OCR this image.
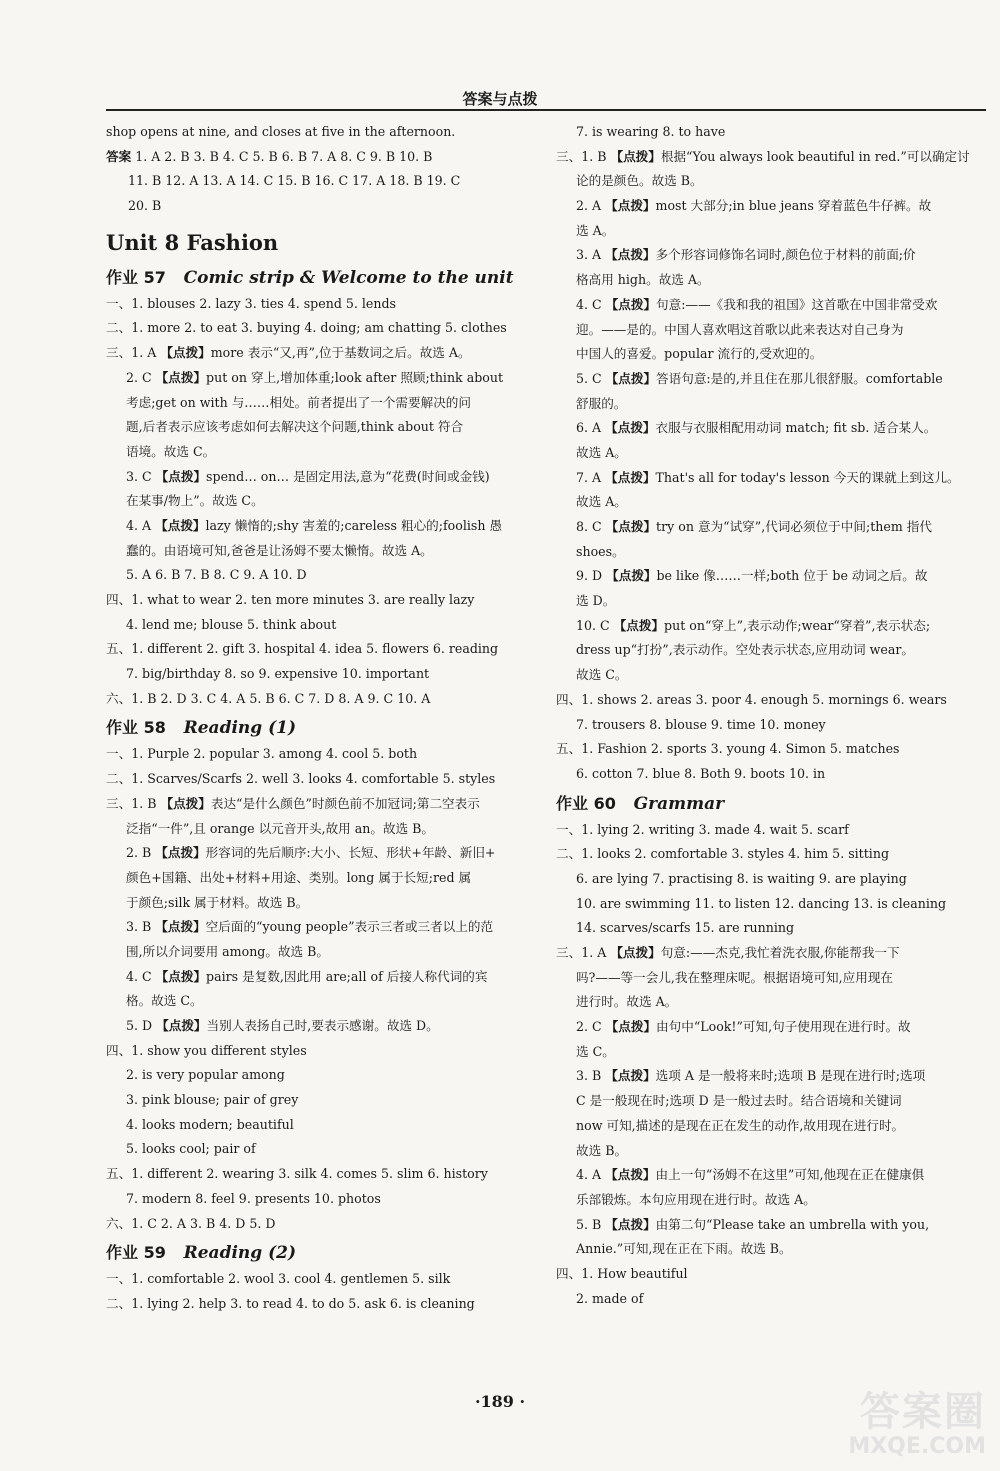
答案与点拨
shop opens at nine, and closes at five in the afternoon.
答案 1. A 2. B 3. B 4. C 5. B 6. B 7. A 8. C 9. B 10. B
11. B 12. A 13. A 14. C 15. B 16. C 17. A 18. B 19. C
20. B
Unit 8 Fashion
作业 57 Comic strip & Welcome to the unit
一、1. blouses 2. lazy 3. ties 4. spend 5. lends
二、1. more 2. to eat 3. buying 4. doing; am chatting 5. clothes
三、1. A 【点拨】more 表示“又,再”,位于基数词之后。故选 A。
2. C 【点拨】put on 穿上,增加体重;look after 照顾;think about
考虑;get on with 与……相处。前者提出了一个需要解决的问
题,后者表示应该考虑如何去解决这个问题,think about 符合
语境。故选 C。
3. C 【点拨】spend… on… 是固定用法,意为“花费(时间或金钱)
在某事/物上”。故选 C。
4. A 【点拨】lazy 懒惰的;shy 害羞的;careless 粗心的;foolish 愚
蠢的。由语境可知,爸爸是让汤姆不要太懒惰。故选 A。
5. A 6. B 7. B 8. C 9. A 10. D
四、1. what to wear 2. ten more minutes 3. are really lazy
4. lend me; blouse 5. think about
五、1. different 2. gift 3. hospital 4. idea 5. flowers 6. reading
7. big/birthday 8. so 9. expensive 10. important
六、1. B 2. D 3. C 4. A 5. B 6. C 7. D 8. A 9. C 10. A
作业 58 Reading (1)
一、1. Purple 2. popular 3. among 4. cool 5. both
二、1. Scarves/Scarfs 2. well 3. looks 4. comfortable 5. styles
三、1. B 【点拨】表达“是什么颜色”时颜色前不加冠词;第二空表示
泛指“一件”,且 orange 以元音开头,故用 an。故选 B。
2. B 【点拨】形容词的先后顺序:大小、长短、形状+年龄、新旧+
颜色+国籍、出处+材料+用途、类别。long 属于长短;red 属
于颜色;silk 属于材料。故选 B。
3. B 【点拨】空后面的“young people”表示三者或三者以上的范
围,所以介词要用 among。故选 B。
4. C 【点拨】pairs 是复数,因此用 are;all of 后接人称代词的宾
格。故选 C。
5. D 【点拨】当别人表扬自己时,要表示感谢。故选 D。
四、1. show you different styles
2. is very popular among
3. pink blouse; pair of grey
4. looks modern; beautiful
5. looks cool; pair of
五、1. different 2. wearing 3. silk 4. comes 5. slim 6. history
7. modern 8. feel 9. presents 10. photos
六、1. C 2. A 3. B 4. D 5. D
作业 59 Reading (2)
一、1. comfortable 2. wool 3. cool 4. gentlemen 5. silk
二、1. lying 2. help 3. to read 4. to do 5. ask 6. is cleaning
7. is wearing 8. to have
三、1. B 【点拨】根据“You always look beautiful in red.”可以确定讨
论的是颜色。故选 B。
2. A 【点拨】most 大部分;in blue jeans 穿着蓝色牛仔裤。故
选 A。
3. A 【点拨】多个形容词修饰名词时,颜色位于材料的前面;价
格高用 high。故选 A。
4. C 【点拨】句意:——《我和我的祖国》这首歌在中国非常受欢
迎。——是的。中国人喜欢唱这首歌以此来表达对自己身为
中国人的喜爱。popular 流行的,受欢迎的。
5. C 【点拨】答语句意:是的,并且住在那儿很舒服。comfortable
舒服的。
6. A 【点拨】衣服与衣服相配用动词 match; fit sb. 适合某人。
故选 A。
7. A 【点拨】That's all for today's lesson 今天的课就上到这儿。
故选 A。
8. C 【点拨】try on 意为“试穿”,代词必须位于中间;them 指代
shoes。
9. D 【点拨】be like 像……一样;both 位于 be 动词之后。故
选 D。
10. C 【点拨】put on“穿上”,表示动作;wear“穿着”,表示状态;
dress up“打扮”,表示动作。空处表示状态,应用动词 wear。
故选 C。
四、1. shows 2. areas 3. poor 4. enough 5. mornings 6. wears
7. trousers 8. blouse 9. time 10. money
五、1. Fashion 2. sports 3. young 4. Simon 5. matches
6. cotton 7. blue 8. Both 9. boots 10. in
作业 60 Grammar
一、1. lying 2. writing 3. made 4. wait 5. scarf
二、1. looks 2. comfortable 3. styles 4. him 5. sitting
6. are lying 7. practising 8. is waiting 9. are playing
10. are swimming 11. to listen 12. dancing 13. is cleaning
14. scarves/scarfs 15. are running
三、1. A 【点拨】句意:——杰克,我忙着洗衣服,你能帮我一下
吗?——等一会儿,我在整理床呢。根据语境可知,应用现在
进行时。故选 A。
2. C 【点拨】由句中“Look!”可知,句子使用现在进行时。故
选 C。
3. B 【点拨】选项 A 是一般将来时;选项 B 是现在进行时;选项
C 是一般现在时;选项 D 是一般过去时。结合语境和关键词
now 可知,描述的是现在正在发生的动作,故用现在进行时。
故选 B。
4. A 【点拨】由上一句“汤姆不在这里”可知,他现在正在健康俱
乐部锻炼。本句应用现在进行时。故选 A。
5. B 【点拨】由第二句“Please take an umbrella with you,
Annie.”可知,现在正在下雨。故选 B。
四、1. How beautiful
2. made of
·189 ·	答案圈
MXQE.COM
